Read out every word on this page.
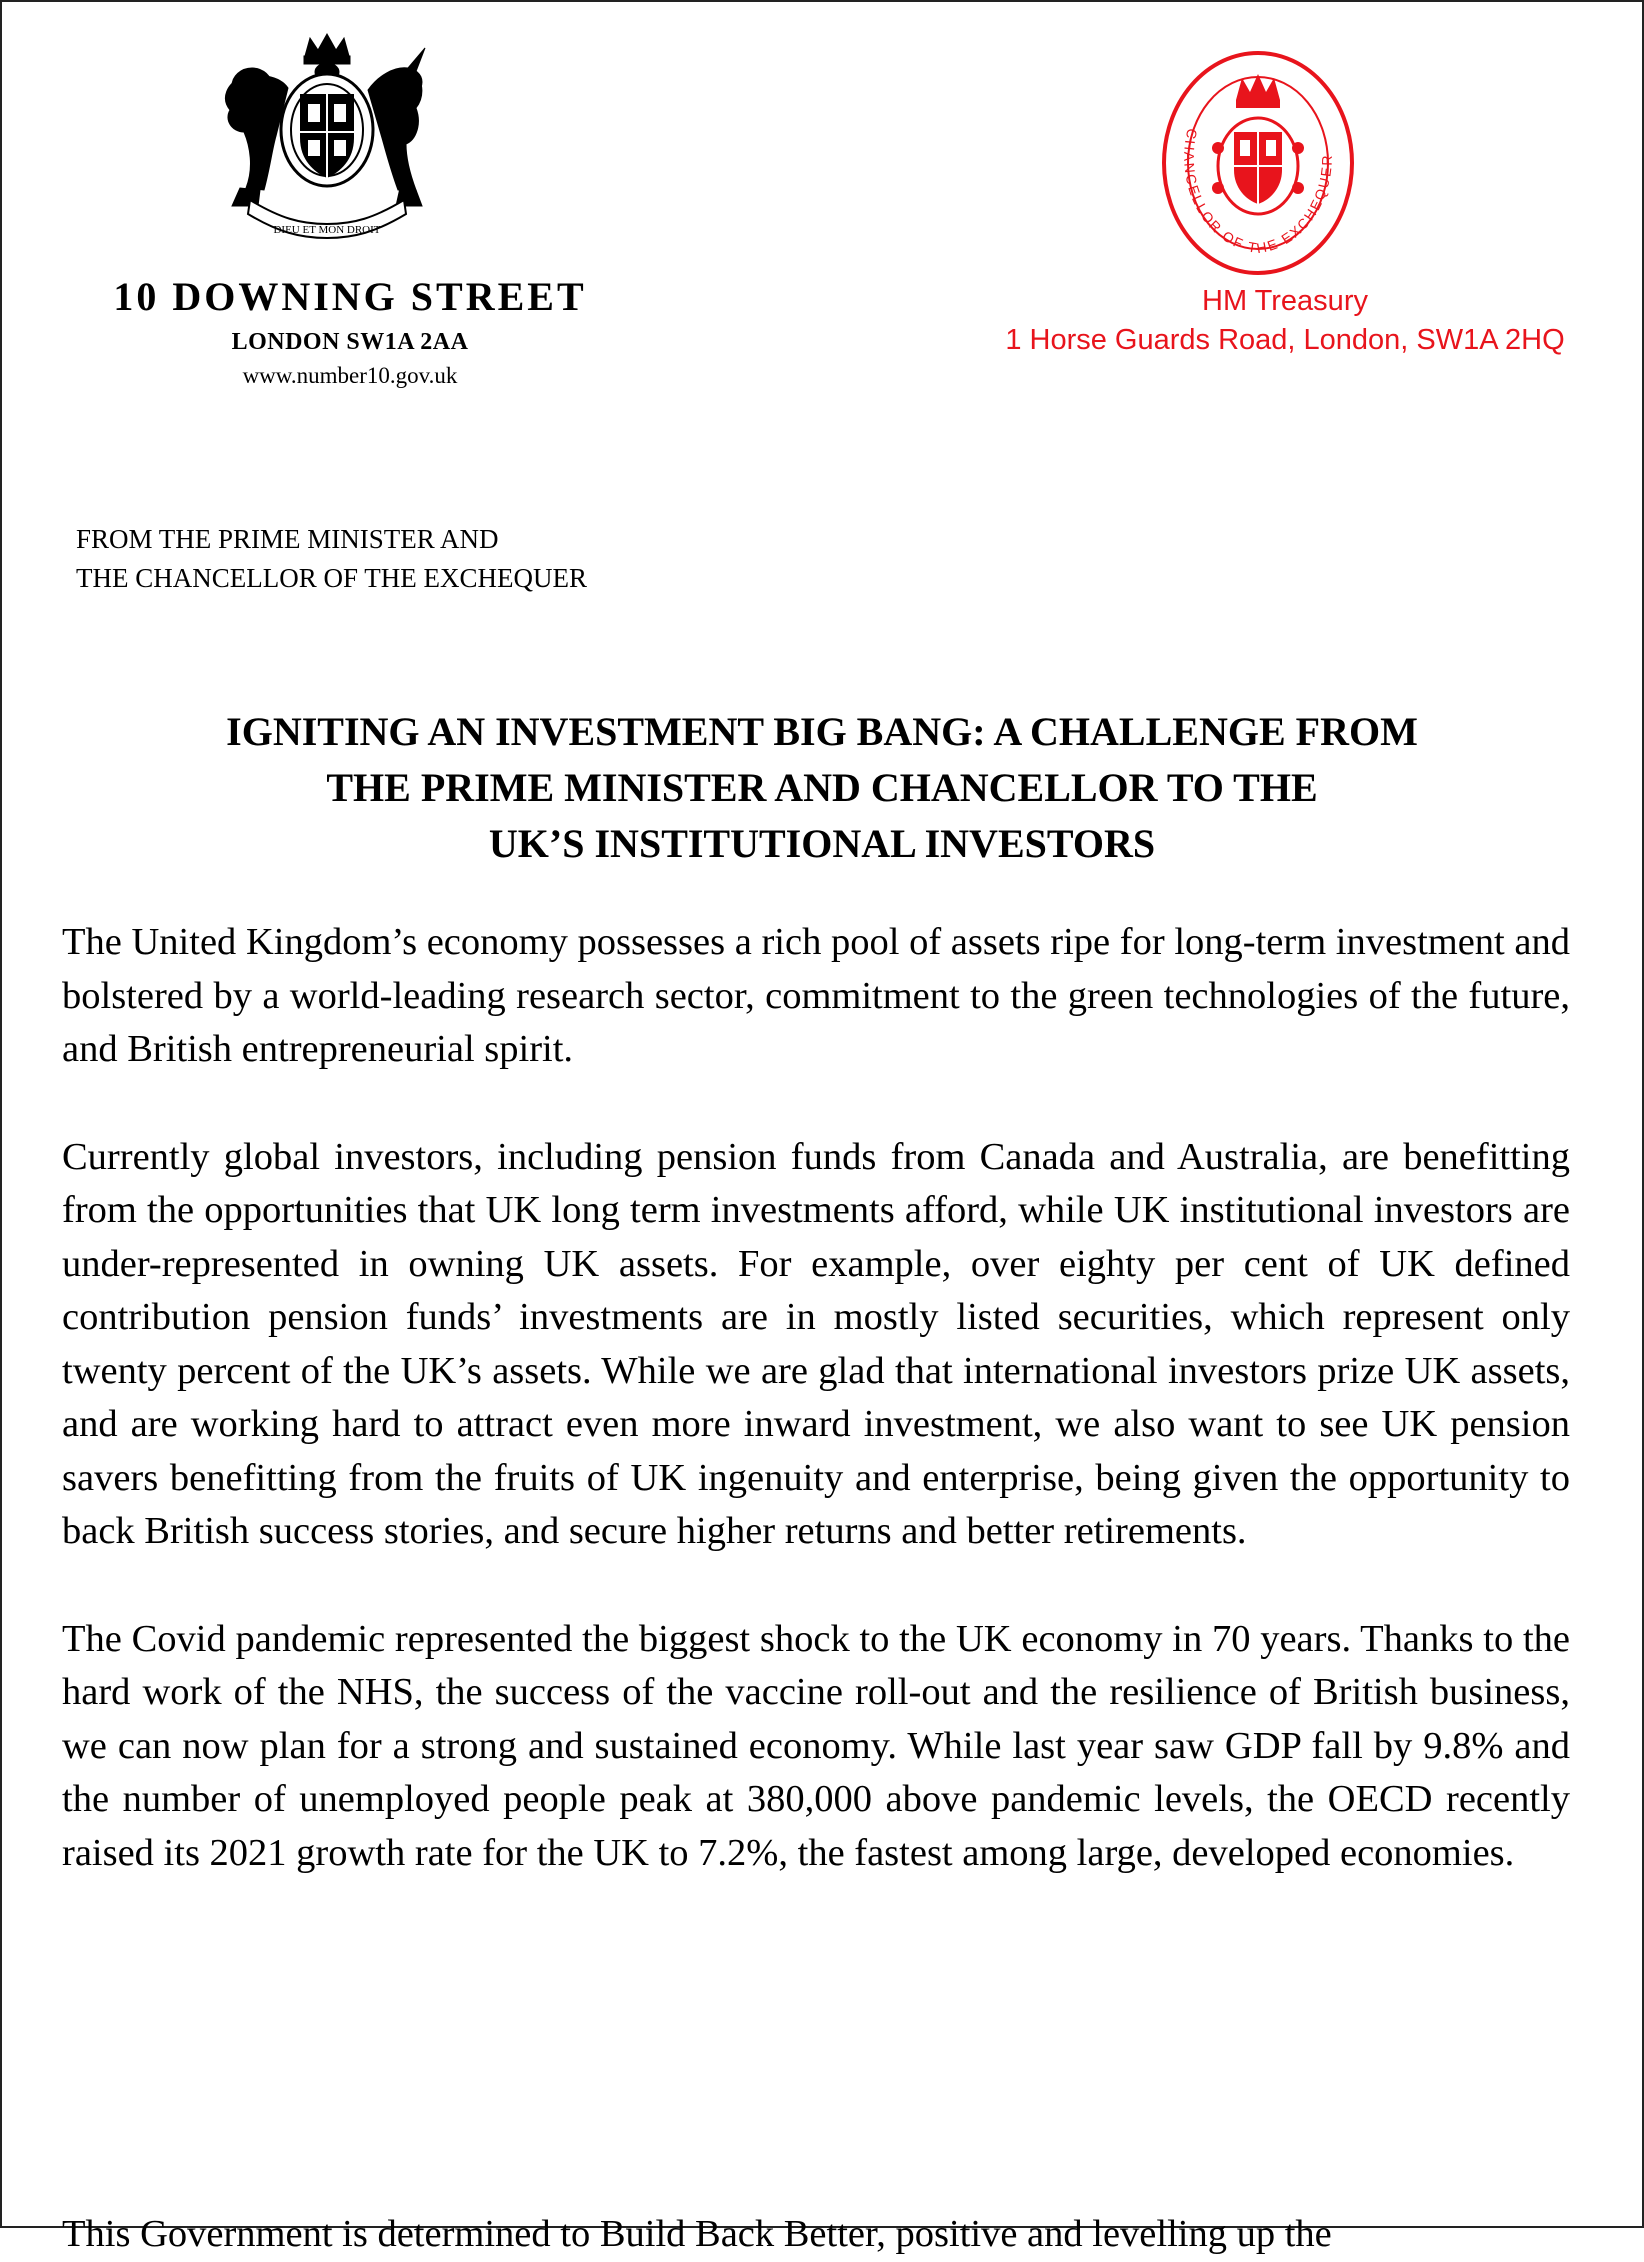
DIEU ET MON DROIT
CHANCELLOR OF THE EXCHEQUER
10 DOWNING STREET
LONDON SW1A 2AA
www.number10.gov.uk
HM Treasury
1 Horse Guards Road, London, SW1A 2HQ
FROM THE PRIME MINISTER AND
THE CHANCELLOR OF THE EXCHEQUER
IGNITING AN INVESTMENT BIG BANG: A CHALLENGE FROM
THE PRIME MINISTER AND CHANCELLOR TO THE
UK’S INSTITUTIONAL INVESTORS

The United Kingdom’s economy possesses a rich pool of assets ripe for long-term investment and bolstered by a world-leading research sector, commitment to the green technologies of the future, and British entrepreneurial spirit.

Currently global investors, including pension funds from Canada and Australia, are benefitting from the opportunities that UK long term investments afford, while UK institutional investors are under-represented in owning UK assets. For example, over eighty per cent of UK defined contribution pension funds’ investments are in mostly listed securities, which represent only twenty percent of the UK’s assets. While we are glad that international investors prize UK assets, and are working hard to attract even more inward investment, we also want to see UK pension savers benefitting from the fruits of UK ingenuity and enterprise, being given the opportunity to back British success stories, and secure higher returns and better retirements.

The Covid pandemic represented the biggest shock to the UK economy in 70 years. Thanks to the hard work of the NHS, the success of the vaccine roll-out and the resilience of British business, we can now plan for a strong and sustained economy. While last year saw GDP fall by 9.8% and the number of unemployed people peak at 380,000 above pandemic levels, the OECD recently raised its 2021 growth rate for the UK to 7.2%, the fastest among large, developed economies.

This Government is determined to Build Back Better, positive and levelling up the
